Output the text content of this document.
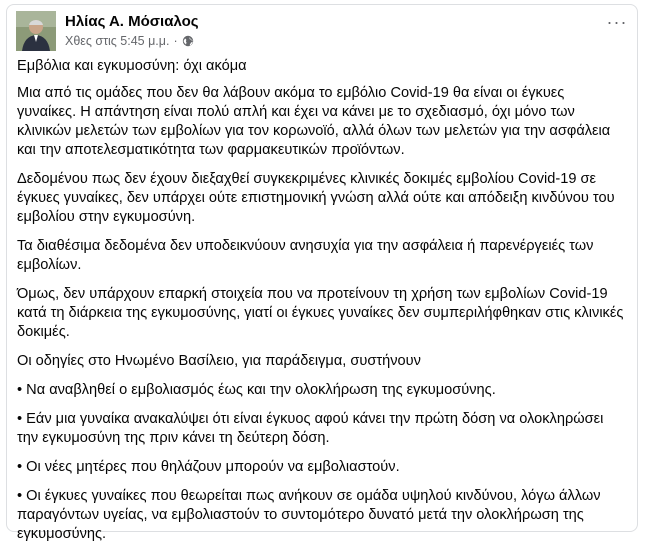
Ηλίας Α. Μόσιαλος
Χθες στις 5:45 μ.μ. ·
···

Εμβόλια και εγκυμοσύνη: όχι ακόμα

Μια από τις ομάδες που δεν θα λάβουν ακόμα το εμβόλιο Covid-19 θα είναι οι έγκυες γυναίκες. Η απάντηση είναι πολύ απλή και έχει να κάνει με το σχεδιασμό, όχι μόνο των κλινικών μελετών των εμβολίων για τον κορωνοϊό, αλλά όλων των μελετών για την ασφάλεια και την αποτελεσματικότητα των φαρμακευτικών προϊόντων.

Δεδομένου πως δεν έχουν διεξαχθεί συγκεκριμένες κλινικές δοκιμές εμβολίου Covid-19 σε έγκυες γυναίκες, δεν υπάρχει ούτε επιστημονική γνώση αλλά ούτε και απόδειξη κινδύνου του εμβολίου στην εγκυμοσύνη.

Τα διαθέσιμα δεδομένα δεν υποδεικνύουν ανησυχία για την ασφάλεια ή παρενέργειές των εμβολίων.

Όμως, δεν υπάρχουν επαρκή στοιχεία που να προτείνουν τη χρήση των εμβολίων Covid-19 κατά τη διάρκεια της εγκυμοσύνης, γιατί οι έγκυες γυναίκες δεν συμπεριλήφθηκαν στις κλινικές δοκιμές.

Οι οδηγίες στο Ηνωμένο Βασίλειο, για παράδειγμα, συστήνουν

• Να αναβληθεί ο εμβολιασμός έως και την ολοκλήρωση της εγκυμοσύνης.

• Εάν μια γυναίκα ανακαλύψει ότι είναι έγκυος αφού κάνει την πρώτη δόση να ολοκληρώσει την εγκυμοσύνη της πριν κάνει τη δεύτερη δόση.

• Οι νέες μητέρες που θηλάζουν μπορούν να εμβολιαστούν.

• Οι έγκυες γυναίκες που θεωρείται πως ανήκουν σε ομάδα υψηλού κινδύνου, λόγω άλλων παραγόντων υγείας, να εμβολιαστούν το συντομότερο δυνατό μετά την ολοκλήρωση της εγκυμοσύνης.
